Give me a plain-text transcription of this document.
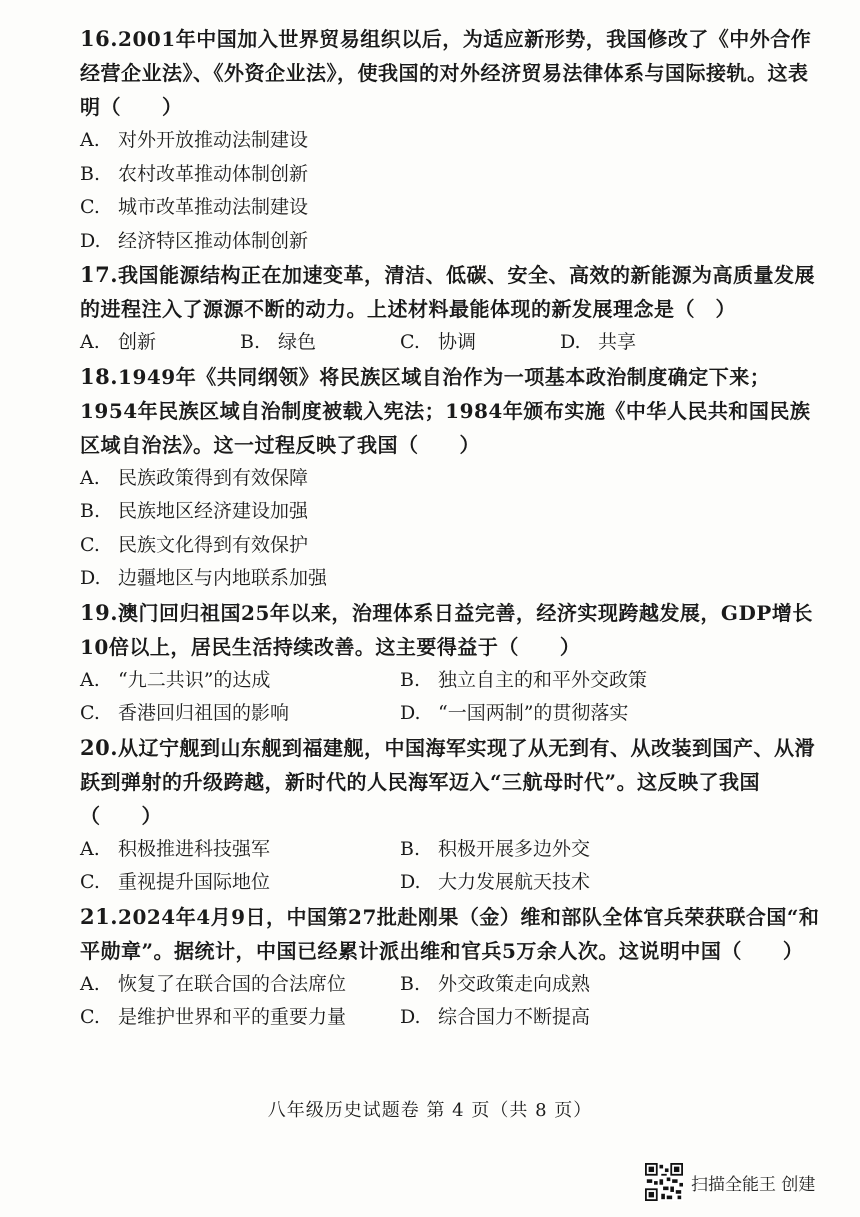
16.2001年中国加入世界贸易组织以后，为适应新形势，我国修改了《中外合作经营企业法》、《外资企业法》，使我国的对外经济贸易法律体系与国际接轨。这表明（　　）
A. 对外开放推动法制建设
B. 农村改革推动体制创新
C. 城市改革推动法制建设
D. 经济特区推动体制创新
17.我国能源结构正在加速变革，清洁、低碳、安全、高效的新能源为高质量发展的进程注入了源源不断的动力。上述材料最能体现的新发展理念是（　）
A. 创新	B. 绿色	C. 协调	D. 共享
18.1949年《共同纲领》将民族区域自治作为一项基本政治制度确定下来；1954年民族区域自治制度被载入宪法；1984年颁布实施《中华人民共和国民族区域自治法》。这一过程反映了我国（　　）
A. 民族政策得到有效保障
B. 民族地区经济建设加强
C. 民族文化得到有效保护
D. 边疆地区与内地联系加强
19.澳门回归祖国25年以来，治理体系日益完善，经济实现跨越发展，GDP增长10倍以上，居民生活持续改善。这主要得益于（　　）
A. “九二共识”的达成	B. 独立自主的和平外交政策
C. 香港回归祖国的影响	D. “一国两制”的贯彻落实
20.从辽宁舰到山东舰到福建舰，中国海军实现了从无到有、从改装到国产、从滑跃到弹射的升级跨越，新时代的人民海军迈入“三航母时代”。这反映了我国（　　）
A. 积极推进科技强军	B. 积极开展多边外交
C. 重视提升国际地位	D. 大力发展航天技术
21.2024年4月9日，中国第27批赴刚果（金）维和部队全体官兵荣获联合国“和平勋章”。据统计，中国已经累计派出维和官兵5万余人次。这说明中国（　　）
A. 恢复了在联合国的合法席位	B. 外交政策走向成熟
C. 是维护世界和平的重要力量	D. 综合国力不断提高
八年级历史试题卷 第 4 页（共 8 页）
扫描全能王 创建
